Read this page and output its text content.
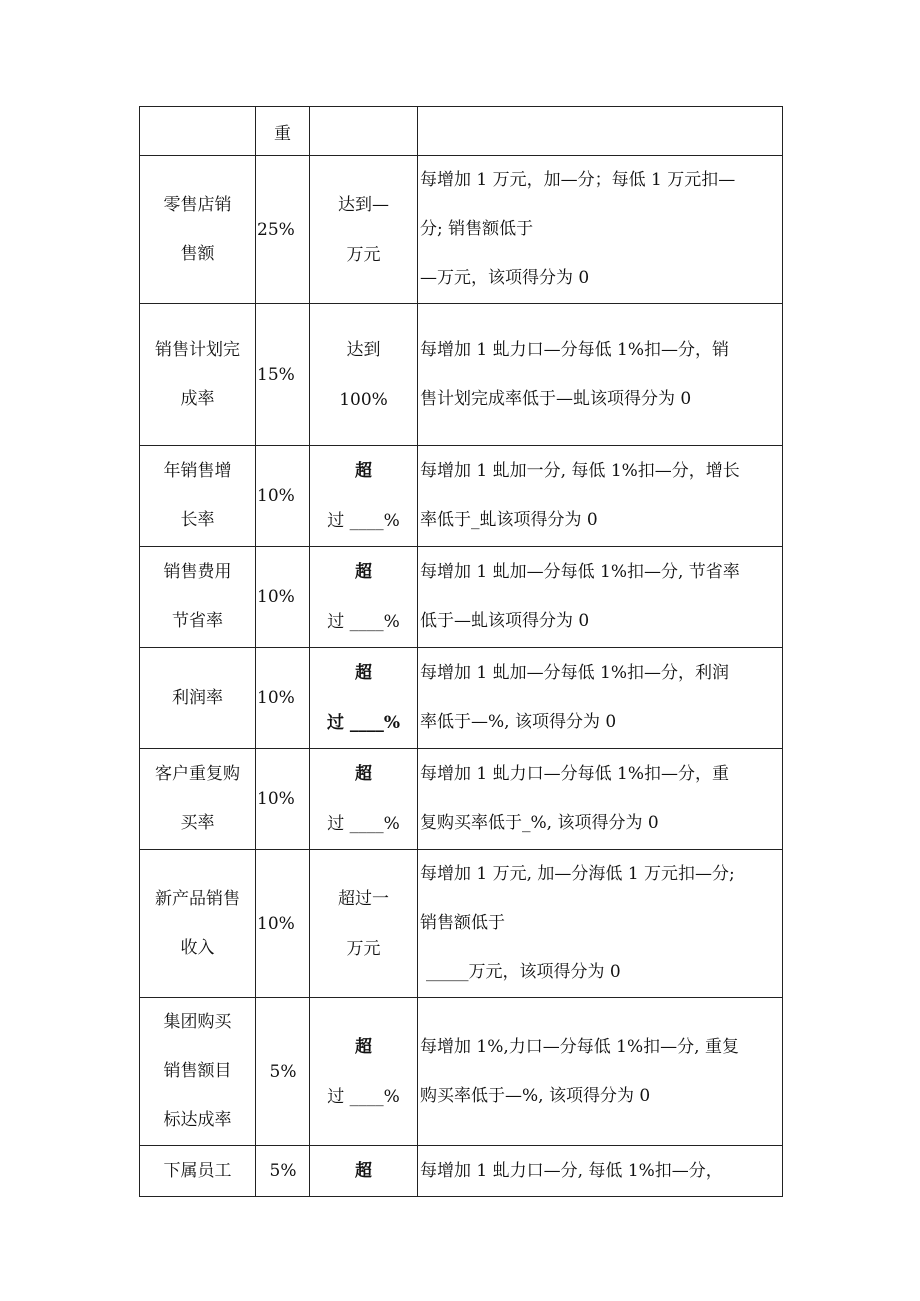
	重		

零售店销
售额	25%	达到—
万元	每增加 1 万元，加—分；每低 1 万元扣—
分; 销售额低于
—万元，该项得分为 0

销售计划完
成率	15%	达到
100%	每增加 1 虬力口—分每低 1%扣—分，销
售计划完成率低于—虬该项得分为 0

年销售增
长率	10%	超
过 ____%	每增加 1 虬加一分, 每低 1%扣—分，增长
率低于_虬该项得分为 0

销售费用
节省率	10%	超
过 ____%	每增加 1 虬加—分每低 1%扣—分, 节省率
低于—虬该项得分为 0

利润率	10%	超
过 ____%	每增加 1 虬加—分每低 1%扣—分，利润
率低于—%, 该项得分为 0

客户重复购
买率	10%	超
过 ____%	每增加 1 虬力口—分每低 1%扣—分，重
复购买率低于_%, 该项得分为 0

新产品销售
收入	10%	超过一
万元	每增加 1 万元, 加—分海低 1 万元扣—分;
销售额低于
_____万元，该项得分为 0

集团购买
销售额目
标达成率	5%	超
过 ____%	每增加 1%,力口—分每低 1%扣—分, 重复
购买率低于—%, 该项得分为 0

下属员工	5%	超	每增加 1 虬力口—分, 每低 1%扣—分，
